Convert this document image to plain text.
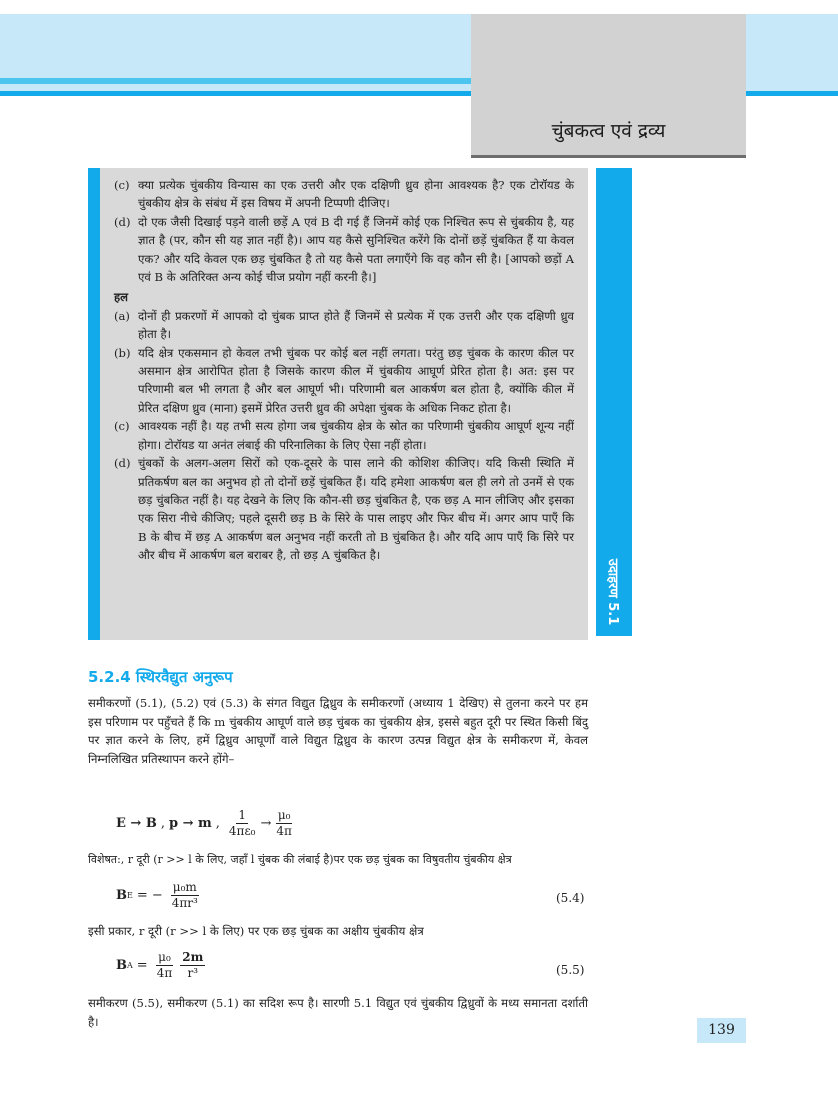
चुंबकत्व एवं द्रव्य
(c) क्या प्रत्येक चुंबकीय विन्यास का एक उत्तरी और एक दक्षिणी ध्रुव होना आवश्यक है? एक टोरॉयड के चुंबकीय क्षेत्र के संबंध में इस विषय में अपनी टिप्पणी दीजिए।
(d) दो एक जैसी दिखाई पड़ने वाली छड़ें A एवं B दी गई हैं जिनमें कोई एक निश्चित रूप से चुंबकीय है, यह ज्ञात है (पर, कौन सी यह ज्ञात नहीं है)। आप यह कैसे सुनिश्चित करेंगे कि दोनों छड़ें चुंबकित हैं या केवल एक? और यदि केवल एक छड़ चुंबकित है तो यह कैसे पता लगाएँगे कि वह कौन सी है। [आपको छड़ों A एवं B के अतिरिक्त अन्य कोई चीज प्रयोग नहीं करनी है।]
हल
(a) दोनों ही प्रकरणों में आपको दो चुंबक प्राप्त होते हैं जिनमें से प्रत्येक में एक उत्तरी और एक दक्षिणी ध्रुव होता है।
(b) यदि क्षेत्र एकसमान हो केवल तभी चुंबक पर कोई बल नहीं लगता। परंतु छड़ चुंबक के कारण कील पर असमान क्षेत्र आरोपित होता है जिसके कारण कील में चुंबकीय आघूर्ण प्रेरित होता है। अत: इस पर परिणामी बल भी लगता है और बल आघूर्ण भी। परिणामी बल आकर्षण बल होता है, क्योंकि कील में प्रेरित दक्षिण ध्रुव (माना) इसमें प्रेरित उत्तरी ध्रुव की अपेक्षा चुंबक के अधिक निकट होता है।
(c) आवश्यक नहीं है। यह तभी सत्य होगा जब चुंबकीय क्षेत्र के स्रोत का परिणामी चुंबकीय आघूर्ण शून्य नहीं होगा। टोरॉयड या अनंत लंबाई की परिनालिका के लिए ऐसा नहीं होता।
(d) चुंबकों के अलग-अलग सिरों को एक-दूसरे के पास लाने की कोशिश कीजिए। यदि किसी स्थिति में प्रतिकर्षण बल का अनुभव हो तो दोनों छड़ें चुंबकित हैं। यदि हमेशा आकर्षण बल ही लगे तो उनमें से एक छड़ चुंबकित नहीं है। यह देखने के लिए कि कौन-सी छड़ चुंबकित है, एक छड़ A मान लीजिए और इसका एक सिरा नीचे कीजिए; पहले दूसरी छड़ B के सिरे के पास लाइए और फिर बीच में। अगर आप पाएँ कि B के बीच में छड़ A आकर्षण बल अनुभव नहीं करती तो B चुंबकित है। और यदि आप पाएँ कि सिरे पर और बीच में आकर्षण बल बराबर है, तो छड़ A चुंबकित है।
उदाहरण 5.1
5.2.4 स्थिरवैद्युत अनुरूप
समीकरणों (5.1), (5.2) एवं (5.3) के संगत विद्युत द्विध्रुव के समीकरणों (अध्याय 1 देखिए) से तुलना करने पर हम इस परिणाम पर पहुँचते हैं कि m चुंबकीय आघूर्ण वाले छड़ चुंबक का चुंबकीय क्षेत्र, इससे बहुत दूरी पर स्थित किसी बिंदु पर ज्ञात करने के लिए, हमें द्विध्रुव आघूर्णों वाले विद्युत द्विध्रुव के कारण उत्पन्न विद्युत क्षेत्र के समीकरण में, केवल निम्नलिखित प्रतिस्थापन करने होंगे–
E → B , p → m , $\frac{1}{\text{4πε₀}} \to \frac{\text{μ₀}}{4\pi}$
विशेषत:, r दूरी (r >> l के लिए, जहाँ l चुंबक की लंबाई है)पर एक छड़ चुंबक का विषुवतीय चुंबकीय क्षेत्र
B E = − $\frac{\text{μ₀m}}{\text{4πr³}}$	(5.4)
इसी प्रकार, r दूरी (r >> l के लिए) पर एक छड़ चुंबक का अक्षीय चुंबकीय क्षेत्र
B $A = \frac{\text{μ₀}}{4\pi} \frac{2m}{\text{r³}}$	(5.5)
समीकरण (5.5), समीकरण (5.1) का सदिश रूप है। सारणी 5.1 विद्युत एवं चुंबकीय द्विध्रुवों के मध्य समानता दर्शाती है।
139
